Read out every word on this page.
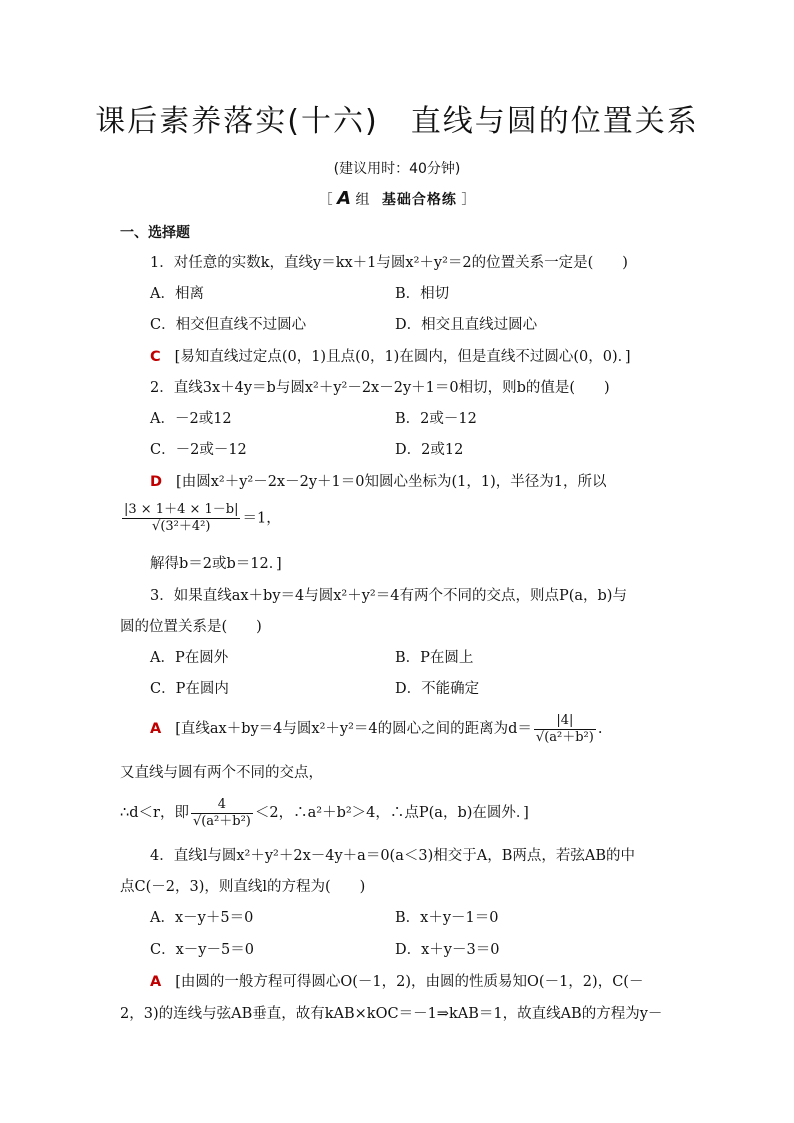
课后素养落实(十六)　直线与圆的位置关系
(建议用时：40分钟)
［ A 组 基础合格练 ］
一、选择题
1．对任意的实数k，直线y＝kx＋1与圆x²＋y²＝2的位置关系一定是(　　)
A．相离	B．相切
C．相交但直线不过圆心	D．相交且直线过圆心
C [易知直线过定点(0，1)且点(0，1)在圆内，但是直线不过圆心(0，0)．]
2．直线3x＋4y＝b与圆x²＋y²－2x－2y＋1＝0相切，则b的值是(　　)
A．－2或12	B．2或－12
C．－2或－12	D．2或12
D [由圆x²＋y²－2x－2y＋1＝0知圆心坐标为(1，1)，半径为1，所以
$\frac{|3 \times 1+4 \times 1-b|}{\text{√(3²＋4²)}} =1$，
解得b＝2或b＝12．]
3．如果直线ax＋by＝4与圆x²＋y²＝4有两个不同的交点，则点P(a，b)与
圆的位置关系是(　　)
A．P在圆外	B．P在圆上
C．P在圆内	D．不能确定
A [直线ax＋by＝4与圆x²＋y²＝4的圆心之间的距离为$d= \frac{|4|}{\text{√(a²＋b²)}}$ .
又直线与圆有两个不同的交点，
∴d＜r，即 $\frac{4}{\text{√(a²＋b²)}} <2$，∴a²＋b²＞4，∴点P(a，b)在圆外．]
4．直线l与圆x²＋y²＋2x－4y＋a＝0(a＜3)相交于A，B两点，若弦AB的中
点C(－2，3)，则直线l的方程为(　　)
A．x－y＋5＝0	B．x＋y－1＝0
C．x－y－5＝0	D．x＋y－3＝0
A [由圆的一般方程可得圆心O(－1，2)，由圆的性质易知O(－1，2)，C(－
2，3)的连线与弦AB垂直，故有kAB×kOC＝－1⇒kAB＝1，故直线AB的方程为y－
